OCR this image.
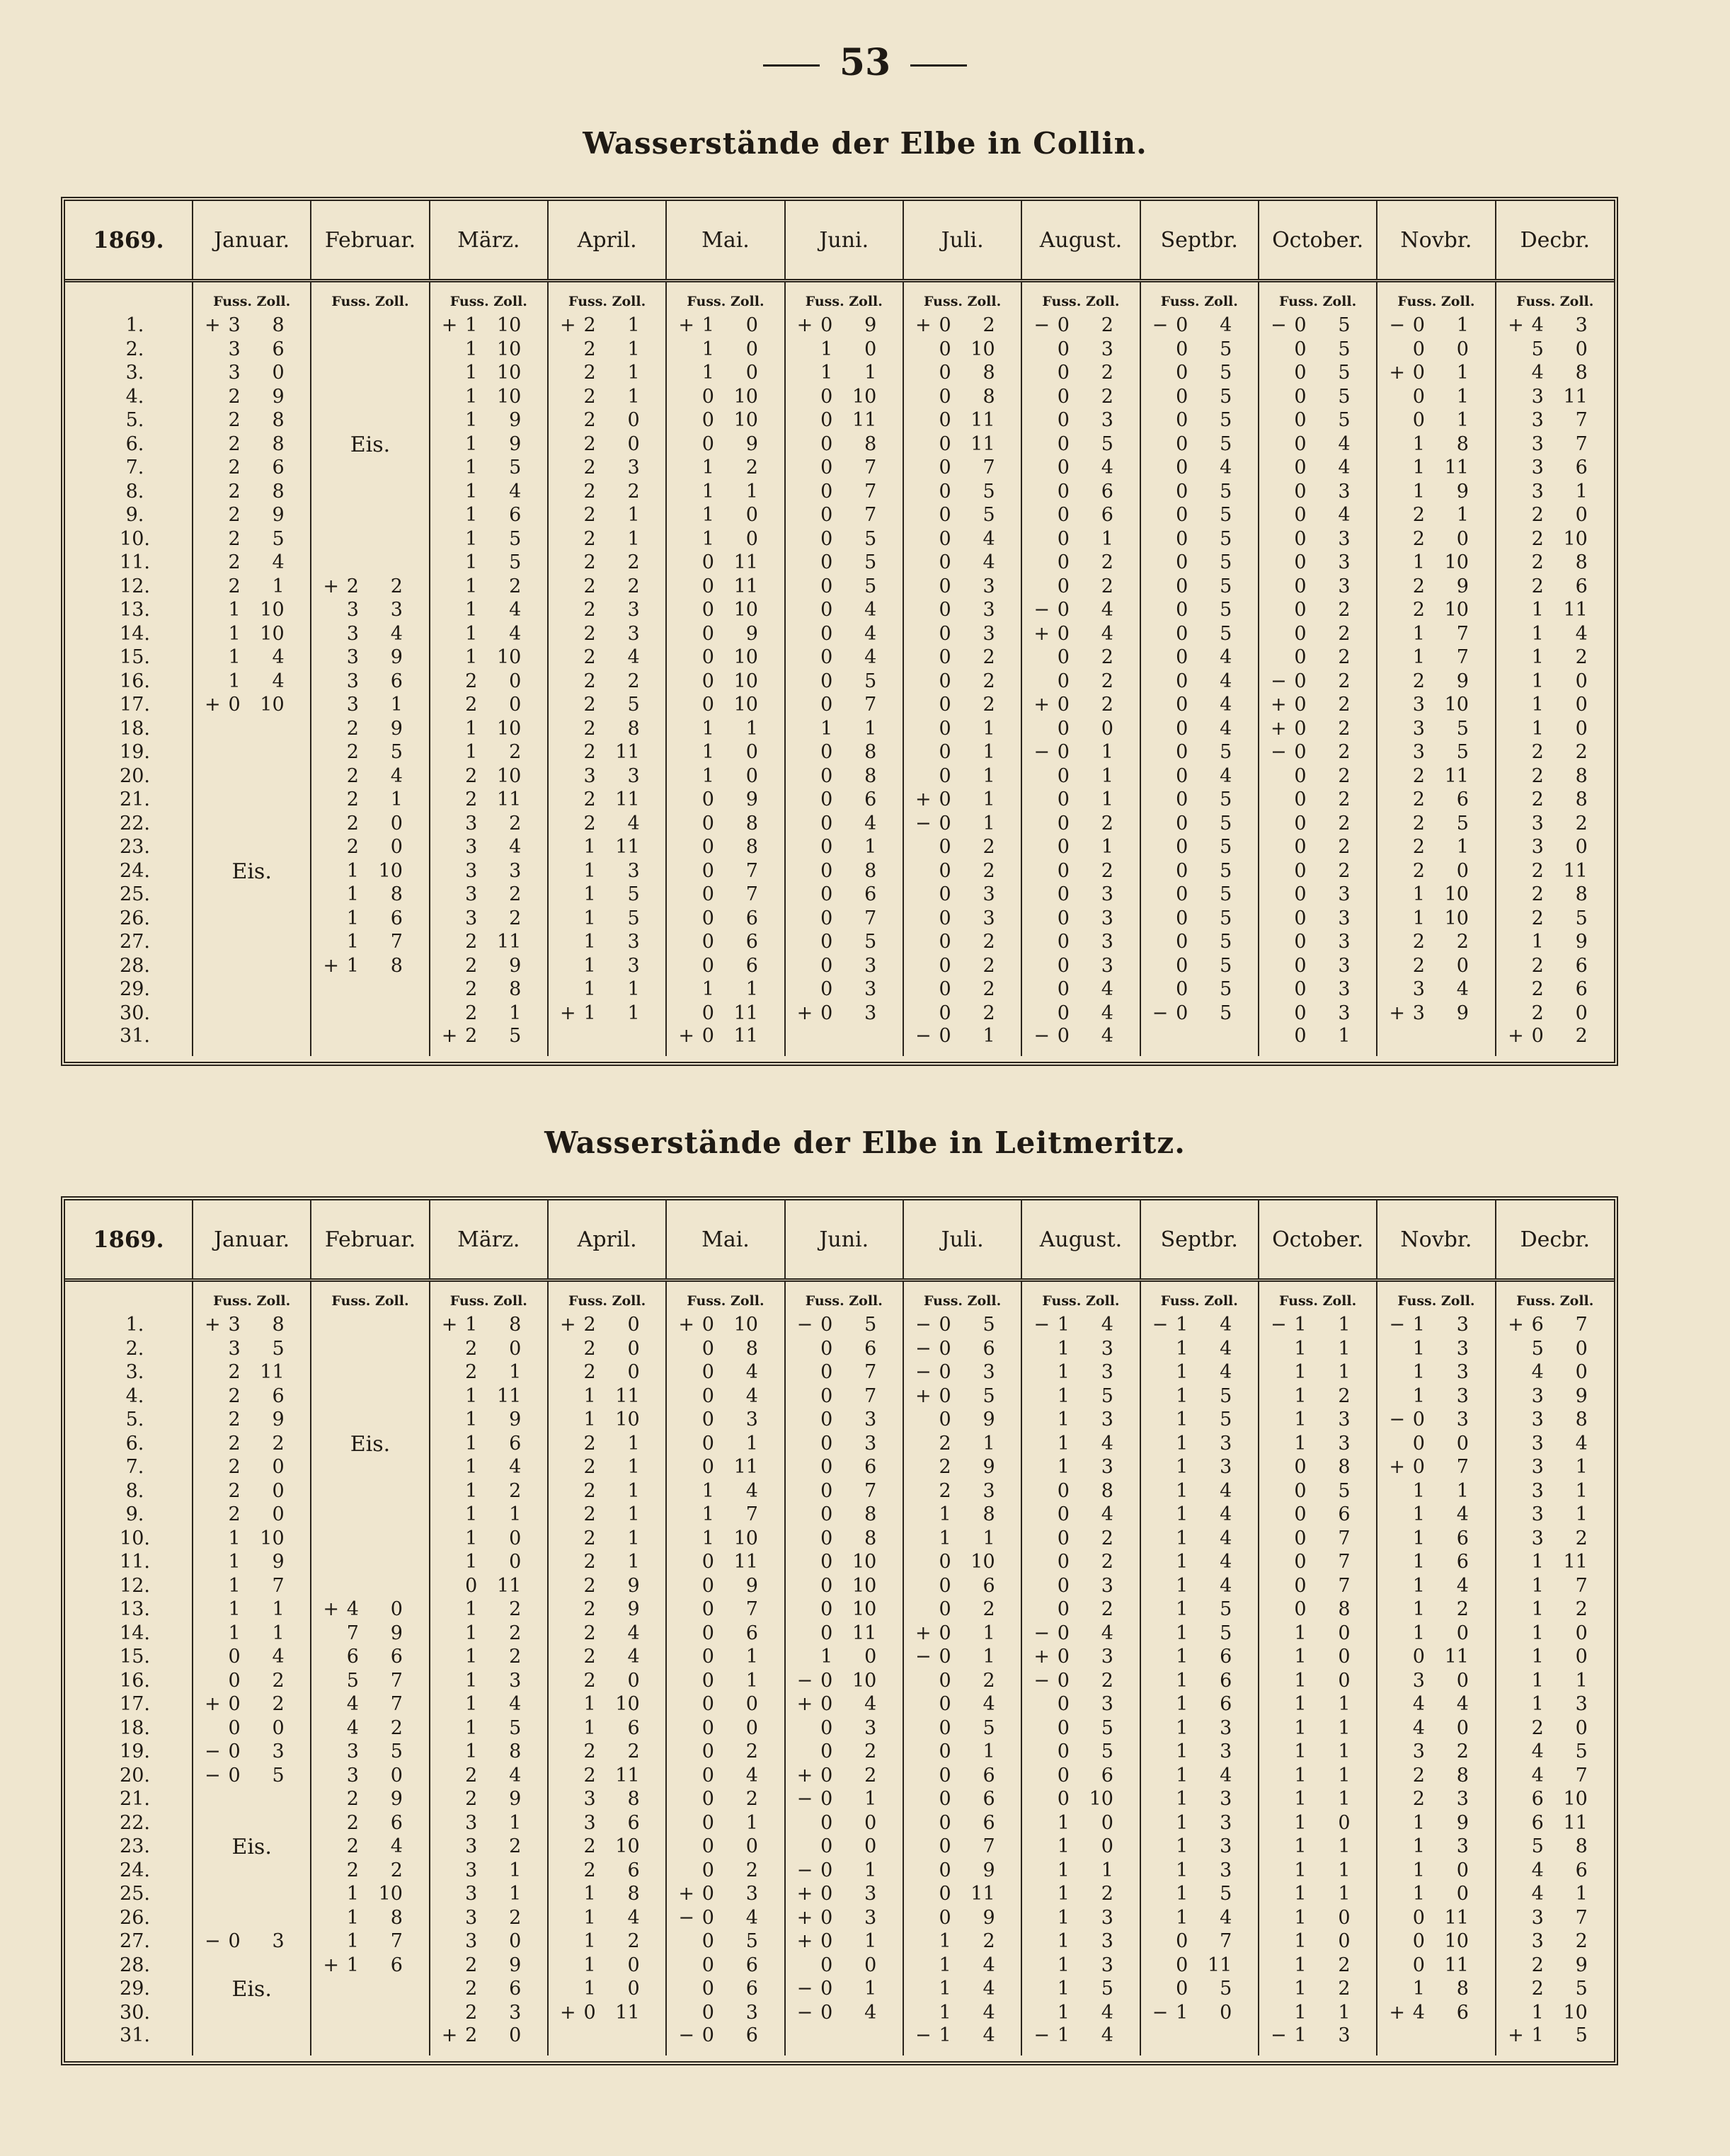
53
Wasserstände der Elbe in Collin.
1869.	Januar.	Februar.	März.	April.	Mai.	Juni.	Juli.	August.	Septbr.	October.	Novbr.	Decbr.
	Fuss. Zoll.	Fuss. Zoll.	Fuss. Zoll.	Fuss. Zoll.	Fuss. Zoll.	Fuss. Zoll.	Fuss. Zoll.	Fuss. Zoll.	Fuss. Zoll.	Fuss. Zoll.	Fuss. Zoll.	Fuss. Zoll.
1.	+ 3 8		+ 1 10	+ 2 1	+ 1 0	+ 0 9	+ 0 2	− 0 2	− 0 4	− 0 5	− 0 1	+ 4 3
2.	3 6		1 10	2 1	1 0	1 0	0 10	0 3	0 5	0 5	0 0	5 0
3.	3 0		1 10	2 1	1 0	1 1	0 8	0 2	0 5	0 5	+ 0 1	4 8
4.	2 9		1 10	2 1	0 10	0 10	0 8	0 2	0 5	0 5	0 1	3 11
5.	2 8		1 9	2 0	0 10	0 11	0 11	0 3	0 5	0 5	0 1	3 7
6.	2 8	Eis.	1 9	2 0	0 9	0 8	0 11	0 5	0 5	0 4	1 8	3 7
7.	2 6		1 5	2 3	1 2	0 7	0 7	0 4	0 4	0 4	1 11	3 6
8.	2 8		1 4	2 2	1 1	0 7	0 5	0 6	0 5	0 3	1 9	3 1
9.	2 9		1 6	2 1	1 0	0 7	0 5	0 6	0 5	0 4	2 1	2 0
10.	2 5		1 5	2 1	1 0	0 5	0 4	0 1	0 5	0 3	2 0	2 10
11.	2 4		1 5	2 2	0 11	0 5	0 4	0 2	0 5	0 3	1 10	2 8
12.	2 1	+ 2 2	1 2	2 2	0 11	0 5	0 3	0 2	0 5	0 3	2 9	2 6
13.	1 10	3 3	1 4	2 3	0 10	0 4	0 3	− 0 4	0 5	0 2	2 10	1 11
14.	1 10	3 4	1 4	2 3	0 9	0 4	0 3	+ 0 4	0 5	0 2	1 7	1 4
15.	1 4	3 9	1 10	2 4	0 10	0 4	0 2	0 2	0 4	0 2	1 7	1 2
16.	1 4	3 6	2 0	2 2	0 10	0 5	0 2	0 2	0 4	− 0 2	2 9	1 0
17.	+ 0 10	3 1	2 0	2 5	0 10	0 7	0 2	+ 0 2	0 4	+ 0 2	3 10	1 0
18.		2 9	1 10	2 8	1 1	1 1	0 1	0 0	0 4	+ 0 2	3 5	1 0
19.		2 5	1 2	2 11	1 0	0 8	0 1	− 0 1	0 5	− 0 2	3 5	2 2
20.		2 4	2 10	3 3	1 0	0 8	0 1	0 1	0 4	0 2	2 11	2 8
21.		2 1	2 11	2 11	0 9	0 6	+ 0 1	0 1	0 5	0 2	2 6	2 8
22.		2 0	3 2	2 4	0 8	0 4	− 0 1	0 2	0 5	0 2	2 5	3 2
23.		2 0	3 4	1 11	0 8	0 1	0 2	0 1	0 5	0 2	2 1	3 0
24.	Eis.	1 10	3 3	1 3	0 7	0 8	0 2	0 2	0 5	0 2	2 0	2 11
25.		1 8	3 2	1 5	0 7	0 6	0 3	0 3	0 5	0 3	1 10	2 8
26.		1 6	3 2	1 5	0 6	0 7	0 3	0 3	0 5	0 3	1 10	2 5
27.		1 7	2 11	1 3	0 6	0 5	0 2	0 3	0 5	0 3	2 2	1 9
28.		+ 1 8	2 9	1 3	0 6	0 3	0 2	0 3	0 5	0 3	2 0	2 6
29.			2 8	1 1	1 1	0 3	0 2	0 4	0 5	0 3	3 4	2 6
30.			2 1	+ 1 1	0 11	+ 0 3	0 2	0 4	− 0 5	0 3	+ 3 9	2 0
31.			+ 2 5		+ 0 11		− 0 1	− 0 4		0 1		+ 0 2
Wasserstände der Elbe in Leitmeritz.
1869.	Januar.	Februar.	März.	April.	Mai.	Juni.	Juli.	August.	Septbr.	October.	Novbr.	Decbr.
	Fuss. Zoll.	Fuss. Zoll.	Fuss. Zoll.	Fuss. Zoll.	Fuss. Zoll.	Fuss. Zoll.	Fuss. Zoll.	Fuss. Zoll.	Fuss. Zoll.	Fuss. Zoll.	Fuss. Zoll.	Fuss. Zoll.
1.	+ 3 8		+ 1 8	+ 2 0	+ 0 10	− 0 5	− 0 5	− 1 4	− 1 4	− 1 1	− 1 3	+ 6 7
2.	3 5		2 0	2 0	0 8	0 6	− 0 6	1 3	1 4	1 1	1 3	5 0
3.	2 11		2 1	2 0	0 4	0 7	− 0 3	1 3	1 4	1 1	1 3	4 0
4.	2 6		1 11	1 11	0 4	0 7	+ 0 5	1 5	1 5	1 2	1 3	3 9
5.	2 9		1 9	1 10	0 3	0 3	0 9	1 3	1 5	1 3	− 0 3	3 8
6.	2 2	Eis.	1 6	2 1	0 1	0 3	2 1	1 4	1 3	1 3	0 0	3 4
7.	2 0		1 4	2 1	0 11	0 6	2 9	1 3	1 3	0 8	+ 0 7	3 1
8.	2 0		1 2	2 1	1 4	0 7	2 3	0 8	1 4	0 5	1 1	3 1
9.	2 0		1 1	2 1	1 7	0 8	1 8	0 4	1 4	0 6	1 4	3 1
10.	1 10		1 0	2 1	1 10	0 8	1 1	0 2	1 4	0 7	1 6	3 2
11.	1 9		1 0	2 1	0 11	0 10	0 10	0 2	1 4	0 7	1 6	1 11
12.	1 7		0 11	2 9	0 9	0 10	0 6	0 3	1 4	0 7	1 4	1 7
13.	1 1	+ 4 0	1 2	2 9	0 7	0 10	0 2	0 2	1 5	0 8	1 2	1 2
14.	1 1	7 9	1 2	2 4	0 6	0 11	+ 0 1	− 0 4	1 5	1 0	1 0	1 0
15.	0 4	6 6	1 2	2 4	0 1	1 0	− 0 1	+ 0 3	1 6	1 0	0 11	1 0
16.	0 2	5 7	1 3	2 0	0 1	− 0 10	0 2	− 0 2	1 6	1 0	3 0	1 1
17.	+ 0 2	4 7	1 4	1 10	0 0	+ 0 4	0 4	0 3	1 6	1 1	4 4	1 3
18.	0 0	4 2	1 5	1 6	0 0	0 3	0 5	0 5	1 3	1 1	4 0	2 0
19.	− 0 3	3 5	1 8	2 2	0 2	0 2	0 1	0 5	1 3	1 1	3 2	4 5
20.	− 0 5	3 0	2 4	2 11	0 4	+ 0 2	0 6	0 6	1 4	1 1	2 8	4 7
21.		2 9	2 9	3 8	0 2	− 0 1	0 6	0 10	1 3	1 1	2 3	6 10
22.		2 6	3 1	3 6	0 1	0 0	0 6	1 0	1 3	1 0	1 9	6 11
23.	Eis.	2 4	3 2	2 10	0 0	0 0	0 7	1 0	1 3	1 1	1 3	5 8
24.		2 2	3 1	2 6	0 2	− 0 1	0 9	1 1	1 3	1 1	1 0	4 6
25.		1 10	3 1	1 8	+ 0 3	+ 0 3	0 11	1 2	1 5	1 1	1 0	4 1
26.		1 8	3 2	1 4	− 0 4	+ 0 3	0 9	1 3	1 4	1 0	0 11	3 7
27.	− 0 3	1 7	3 0	1 2	0 5	+ 0 1	1 2	1 3	0 7	1 0	0 10	3 2
28.		+ 1 6	2 9	1 0	0 6	0 0	1 4	1 3	0 11	1 2	0 11	2 9
29.	Eis.		2 6	1 0	0 6	− 0 1	1 4	1 5	0 5	1 2	1 8	2 5
30.			2 3	+ 0 11	0 3	− 0 4	1 4	1 4	− 1 0	1 1	+ 4 6	1 10
31.			+ 2 0		− 0 6		− 1 4	− 1 4		− 1 3		+ 1 5
